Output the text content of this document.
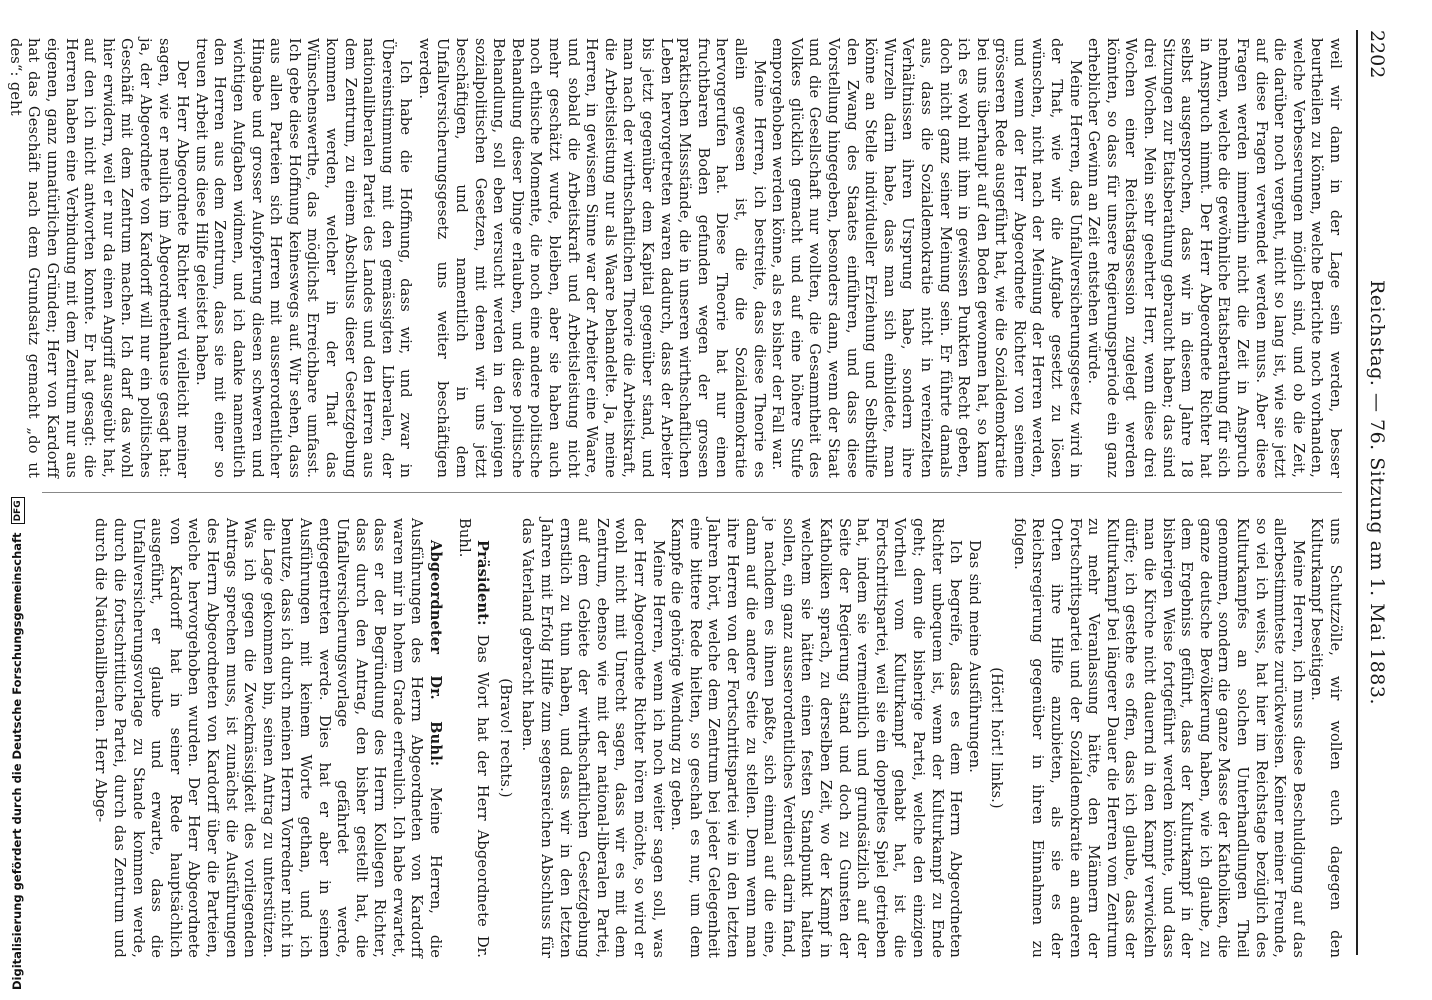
2202
Reichstag. — 76. Sitzung am 1. Mai 1883.

weil wir dann in der Lage sein werden, besser beurtheilen zu können, welche Berichte noch vorhanden, welche Verbesserungen möglich sind, und ob die Zeit, die darüber noch vergeht, nicht so lang ist, wie sie jetzt auf diese Fragen verwendet werden muss. Aber diese Fragen werden immerhin nicht die Zeit in Anspruch nehmen, welche die gewöhnliche Etatsberathung für sich in Anspruch nimmt. Der Herr Abgeordnete Richter hat selbst ausgesprochen, dass wir in diesem Jahre 18 Sitzungen zur Etatsberathung gebraucht haben; das sind drei Wochen. Mein sehr geehrter Herr, wenn diese drei Wochen einer Reichstagssession zugelegt werden könnten, so dass für unsere Regierungsperiode ein ganz erheblicher Gewinn an Zeit entstehen würde.

Meine Herren, das Unfallversicherungsgesetz wird in der That, wie wir die Aufgabe gesetzt zu lösen wünschen, nicht nach der Meinung der Herren werden, und wenn der Herr Abgeordnete Richter von seinem grösseren Rede ausgeführt hat, wie die Sozialdemokratie bei uns überhaupt auf den Boden gewonnen hat, so kann ich es wohl mit ihm in gewissen Punkten Recht geben, doch nicht ganz seiner Meinung sein. Er führte damals aus, dass die Sozialdemokratie nicht in vereinzelten Verhältnissen ihren Ursprung habe, sondern ihre Wurzeln darin habe, dass man sich einbildete, man könne an Stelle individueller Erziehung und Selbsthilfe den Zwang des Staates einführen, und dass diese Vorstellung hingegeben, besonders dann, wenn der Staat und die Gesellschaft nur wollten, die Gesammtheit des Volkes glücklich gemacht und auf eine höhere Stufe emporgehoben werden könne, als es bisher der Fall war.

Meine Herren, ich bestreite, dass diese Theorie es allein gewesen ist, die die Sozialdemokratie hervorgerufen hat. Diese Theorie hat nur einen fruchtbaren Boden gefunden wegen der grossen praktischen Missstände, die in unseren wirthschaftlichen Leben hervorgetreten waren dadurch, dass der Arbeiter bis jetzt gegenüber dem Kapital gegenüber stand, und man nach der wirthschaftlichen Theorie die Arbeitskraft, die Arbeitsleistung nur als Waare behandelte. Ja, meine Herren, in gewissem Sinne war der Arbeiter eine Waare, und sobald die Arbeitskraft und Arbeitsleistung nicht mehr geschätzt wurde, bleiben, aber sie haben auch noch ethische Momente, die noch eine andere politische Behandlung dieser Dinge erlauben, und diese politische Behandlung, soll eben versucht werden in den jenigen sozialpolitischen Gesetzen, mit denen wir uns jetzt beschäftigen, und namentlich in dem Unfallversicherungsgesetz uns weiter beschäftigen werden.

Ich habe die Hoffnung, dass wir, und zwar in Übereinstimmung mit den gemässigten Liberalen, der nationalliberalen Partei des Landes und den Herren aus dem Zentrum, zu einem Abschluss dieser Gesetzgebung kommen werden, welcher in der That das Wünschenswerthe, das möglichst Erreichbare umfasst. Ich gebe diese Hoffnung keineswegs auf. Wir sehen, dass aus allen Parteien sich Herren mit ausserordentlicher Hingabe und grosser Aufopferung diesen schweren und wichtigen Aufgaben widmen, und ich danke namentlich den Herren aus dem Zentrum, dass sie mit einer so treuen Arbeit uns diese Hilfe geleistet haben.

Der Herr Abgeordnete Richter wird vielleicht meiner sagen, wie er neulich im Abgeordnetenhause gesagt hat: ja, der Abgeordnete von Kardorff will nur ein politisches Geschäft mit dem Zentrum machen. Ich darf das wohl hier erwidern, weil er nur da einen Angriff ausgeübt hat, auf den ich nicht antworten konnte. Er hat gesagt: die Herren haben eine Verbindung mit dem Zentrum nur aus eigenen, ganz unnatürlichen Gründen; Herr von Kardorff hat das Geschäft nach dem Grundsatz gemacht „do ut des“: geht

uns Schutzzölle, wir wollen euch dagegen den Kulturkampf beseitigen.

Meine Herren, ich muss diese Beschuldigung auf das allerbestimmteste zurückweisen. Keiner meiner Freunde, so viel ich weiss, hat hier im Reichstage bezüglich des Kulturkampfes an solchen Unterhandlungen Theil genommen, sondern die ganze Masse der Katholiken, die ganze deutsche Bevölkerung haben, wie ich glaube, zu dem Ergebniss geführt, dass der Kulturkampf in der bisherigen Weise fortgeführt werden könnte, und dass man die Kirche nicht dauernd in den Kampf verwickeln dürfe; ich gestehe es offen, dass ich glaube, dass der Kulturkampf bei längerer Dauer die Herren vom Zentrum zu mehr Veranlassung hätte, den Männern der Fortschrittspartei und der Sozialdemokratie an anderen Orten ihre Hilfe anzubieten, als sie es der Reichsregierung gegenüber in ihren Einnahmen zu folgen.

(Hört! hört! links.)

Das sind meine Ausführungen.

Ich begreife, dass es dem Herrn Abgeordneten Richter unbequem ist, wenn der Kulturkampf zu Ende geht; denn die bisherige Partei, welche den einzigen Vortheil vom Kulturkampf gehabt hat, ist die Fortschrittspartei, weil sie ein doppeltes Spiel getrieben hat, indem sie vermeintlich und grundsätzlich auf der Seite der Regierung stand und doch zu Gunsten der Katholiken sprach, zu derselben Zeit, wo der Kampf in welchem sie hätten einen festen Standpunkt halten sollen, ein ganz ausserordentliches Verdienst darin fand, je nachdem es ihnen paßte, sich einmal auf die eine, dann auf die andere Seite zu stellen. Denn wenn man ihre Herren von der Fortschrittspartei wie in den letzten Jahren hört, welche dem Zentrum bei jeder Gelegenheit eine bittere Rede hielten, so geschah es nur, um dem Kampfe die gehörige Wendung zu geben.

Meine Herren, wenn ich noch weiter sagen soll, was der Herr Abgeordnete Richter hören möchte, so wird er wohl nicht mit Unrecht sagen, dass wir es mit dem Zentrum, ebenso wie mit der national-liberalen Partei, auf dem Gebiete der wirthschaftlichen Gesetzgebung ernstlich zu thun haben, und dass wir in den letzten Jahren mit Erfolg Hilfe zum segensreichen Abschluss für das Vaterland gebracht haben.

(Bravo! rechts.)

Präsident: Das Wort hat der Herr Abgeordnete Dr. Buhl.

Abgeordneter Dr. Buhl: Meine Herren, die Ausführungen des Herrn Abgeordneten von Kardorff waren mir in hohem Grade erfreulich. Ich habe erwartet, dass er der Begründung des Herrn Kollegen Richter, dass durch den Antrag, den bisher gestellt hat, die Unfallversicherungsvorlage gefährdet werde, entgegentreten werde. Dies hat er aber in seinen Ausführungen mit keinem Worte gethan, und ich benutze, dass ich durch meinen Herrn Vorredner nicht in die Lage gekommen bin, seinen Antrag zu unterstützen. Was ich gegen die Zweckmässigkeit des vorliegenden Antrags sprechen muss, ist zunächst die Ausführungen des Herrn Abgeordneten von Kardorff über die Parteien, welche hervorgehoben wurden. Der Herr Abgeordnete von Kardorff hat in seiner Rede hauptsächlich ausgeführt, er glaube und erwarte, dass die Unfallversicherungsvorlage zu Stande kommen werde, durch die fortschrittliche Partei, durch das Zentrum und durch die Nationalliberalen. Herr Abge-

Digitalisierung gefördert durch die Deutsche Forschungsgemeinschaft DFG
